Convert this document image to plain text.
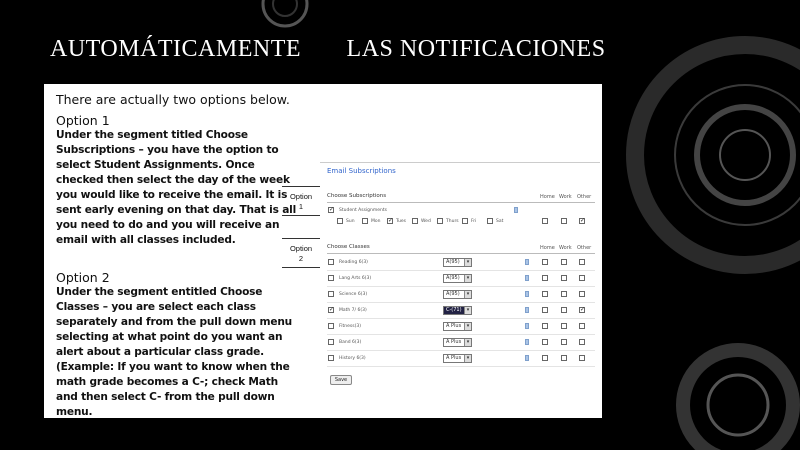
AUTOMÁTICAMENTE       LAS NOTIFICACIONES
There are actually two options below.
Option 1
Under the segment titled Choose Subscriptions – you have the option to select Student Assignments. Once checked then select the day of the week you would like to receive the email. It is sent early evening on that day. That is all you need to do and you will receive an email with all classes included.
Option 2
Under the segment entitled Choose Classes – you are select each class separately and from the pull down menu selecting at what point do you want an alert about a particular class grade. (Example: If you want to know when the math grade becomes a C-; check Math and then select C- from the pull down menu.
Option
1
Option
2
Email Subscriptions
Choose Subscriptions	Home Work Other
✓
Student Assignments
Sun	Mon
✓	Tues	Wed	Thurs	Fri	Sat
✓
Choose Classes	Home Work Other
Reading 6(3)	A(95)	▾
Lang Arts 6(3)	A(95)	▾
Science 6(3)	A(95)	▾
✓
Math 7/ 6(3)	C-(71)	▾
✓
Fitness(3)	A Plus	▾
Band 6(3)	A Plus	▾
History 6(3)	A Plus	▾
Save
